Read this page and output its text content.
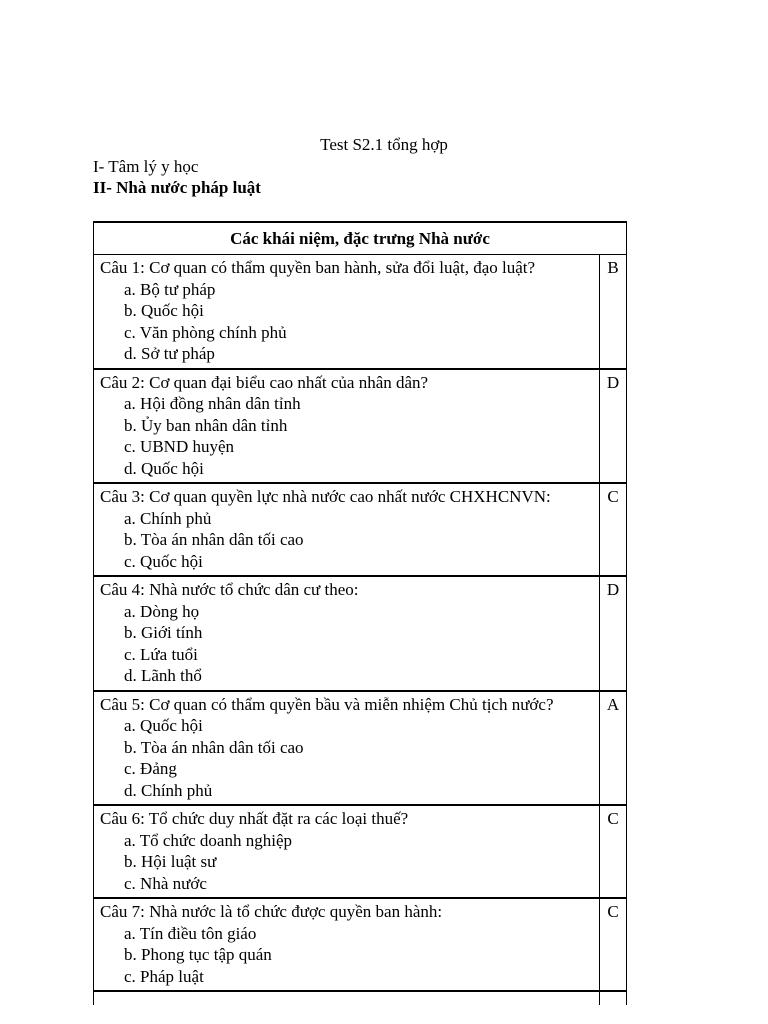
Test S2.1 tổng hợp
I- Tâm lý y học
II- Nhà nước pháp luật
Các khái niệm, đặc trưng Nhà nước	

Câu 1: Cơ quan có thẩm quyền ban hành, sửa đổi luật, đạo luật?
a. Bộ tư pháp
b. Quốc hội
c. Văn phòng chính phủ
d. Sở tư pháp	B

Câu 2: Cơ quan đại biểu cao nhất của nhân dân?
a. Hội đồng nhân dân tỉnh
b. Ủy ban nhân dân tỉnh
c. UBND huyện
d. Quốc hội	D

Câu 3: Cơ quan quyền lực nhà nước cao nhất nước CHXHCNVN:
a. Chính phủ
b. Tòa án nhân dân tối cao
c. Quốc hội	C

Câu 4: Nhà nước tổ chức dân cư theo:
a. Dòng họ
b. Giới tính
c. Lứa tuổi
d. Lãnh thổ	D

Câu 5: Cơ quan có thẩm quyền bầu và miễn nhiệm Chủ tịch nước?
a. Quốc hội
b. Tòa án nhân dân tối cao
c. Đảng
d. Chính phủ	A

Câu 6: Tổ chức duy nhất đặt ra các loại thuế?
a. Tổ chức doanh nghiệp
b. Hội luật sư
c. Nhà nước	C

Câu 7: Nhà nước là tổ chức được quyền ban hành:
a. Tín điều tôn giáo
b. Phong tục tập quán
c. Pháp luật	C
